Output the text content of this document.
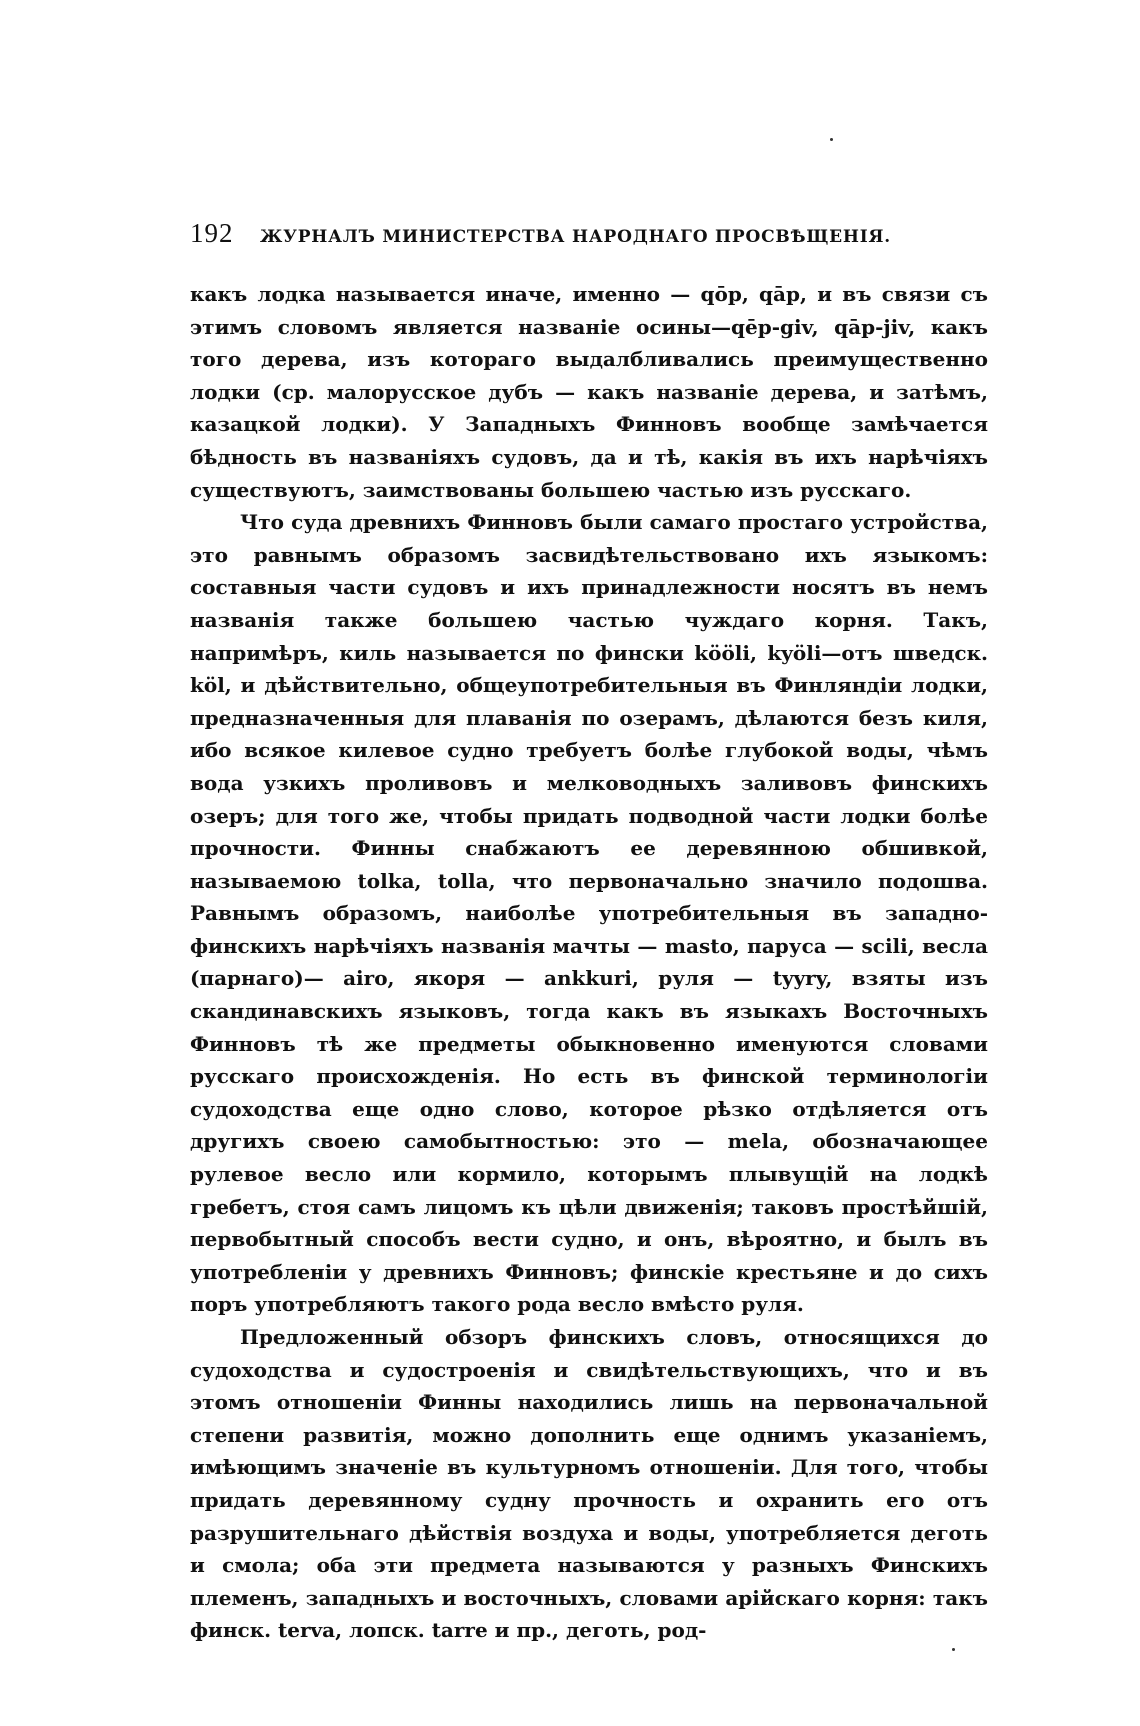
192	ЖУРНАЛЪ МИНИСТЕРСТВА НАРОДНАГО ПРОСВѢЩЕНІЯ.

какъ лодка называется иначе, именно — qōр, qāр, и въ связи съ этимъ словомъ является названіе осины—qēр-giv, qāр-jiv, какъ того дерева, изъ котораго выдалбливались преимущественно лодки (ср. малорусское дубъ — какъ названіе дерева, и затѣмъ, казацкой лодки). У Западныхъ Финновъ вообще замѣчается бѣдность въ названіяхъ судовъ, да и тѣ, какія въ ихъ нарѣчіяхъ существуютъ, заимствованы большею частью изъ русскаго.

Что суда древнихъ Финновъ были самаго простаго устройства, это равнымъ образомъ засвидѣтельствовано ихъ языкомъ: составныя части судовъ и ихъ принадлежности носятъ въ немъ названія также большею частью чуждаго корня. Такъ, напримѣръ, киль называется по фински kööli, kyöli—отъ шведск. köl, и дѣйствительно, общеупотребительныя въ Финляндіи лодки, предназначенныя для плаванія по озерамъ, дѣлаются безъ киля, ибо всякое килевое судно требуетъ болѣе глубокой воды, чѣмъ вода узкихъ проливовъ и мелководныхъ заливовъ финскихъ озеръ; для того же, чтобы придать подводной части лодки болѣе прочности. Финны снабжаютъ ее деревянною обшивкой, называемою tolka, tolla, что первоначально значило подошва. Равнымъ образомъ, наиболѣе употребительныя въ западно-финскихъ нарѣчіяхъ названія мачты — masto, паруса — scili, весла (парнаго)— airo, якоря — ankkuri, руля — tyyry, взяты изъ скандинавскихъ языковъ, тогда какъ въ языкахъ Восточныхъ Финновъ тѣ же предметы обыкновенно именуются словами русскаго происхожденія. Но есть въ финской терминологіи судоходства еще одно слово, которое рѣзко отдѣляется отъ другихъ своею самобытностью: это — mela, обозначающее рулевое весло или кормило, которымъ плывущій на лодкѣ гребетъ, стоя самъ лицомъ къ цѣли движенія; таковъ простѣйшій, первобытный способъ вести судно, и онъ, вѣроятно, и былъ въ употребленіи у древнихъ Финновъ; финскіе крестьяне и до сихъ поръ употребляютъ такого рода весло вмѣсто руля.

Предложенный обзоръ финскихъ словъ, относящихся до судоходства и судостроенія и свидѣтельствующихъ, что и въ этомъ отношеніи Финны находились лишь на первоначальной степени развитія, можно дополнить еще однимъ указаніемъ, имѣющимъ значеніе въ культурномъ отношеніи. Для того, чтобы придать деревянному судну прочность и охранить его отъ разрушительнаго дѣйствія воздуха и воды, употребляется деготь и смола; оба эти предмета называются у разныхъ Финскихъ племенъ, западныхъ и восточныхъ, словами арійскаго корня: такъ финск. terva, лопск. tarre и пр., деготь, род-
